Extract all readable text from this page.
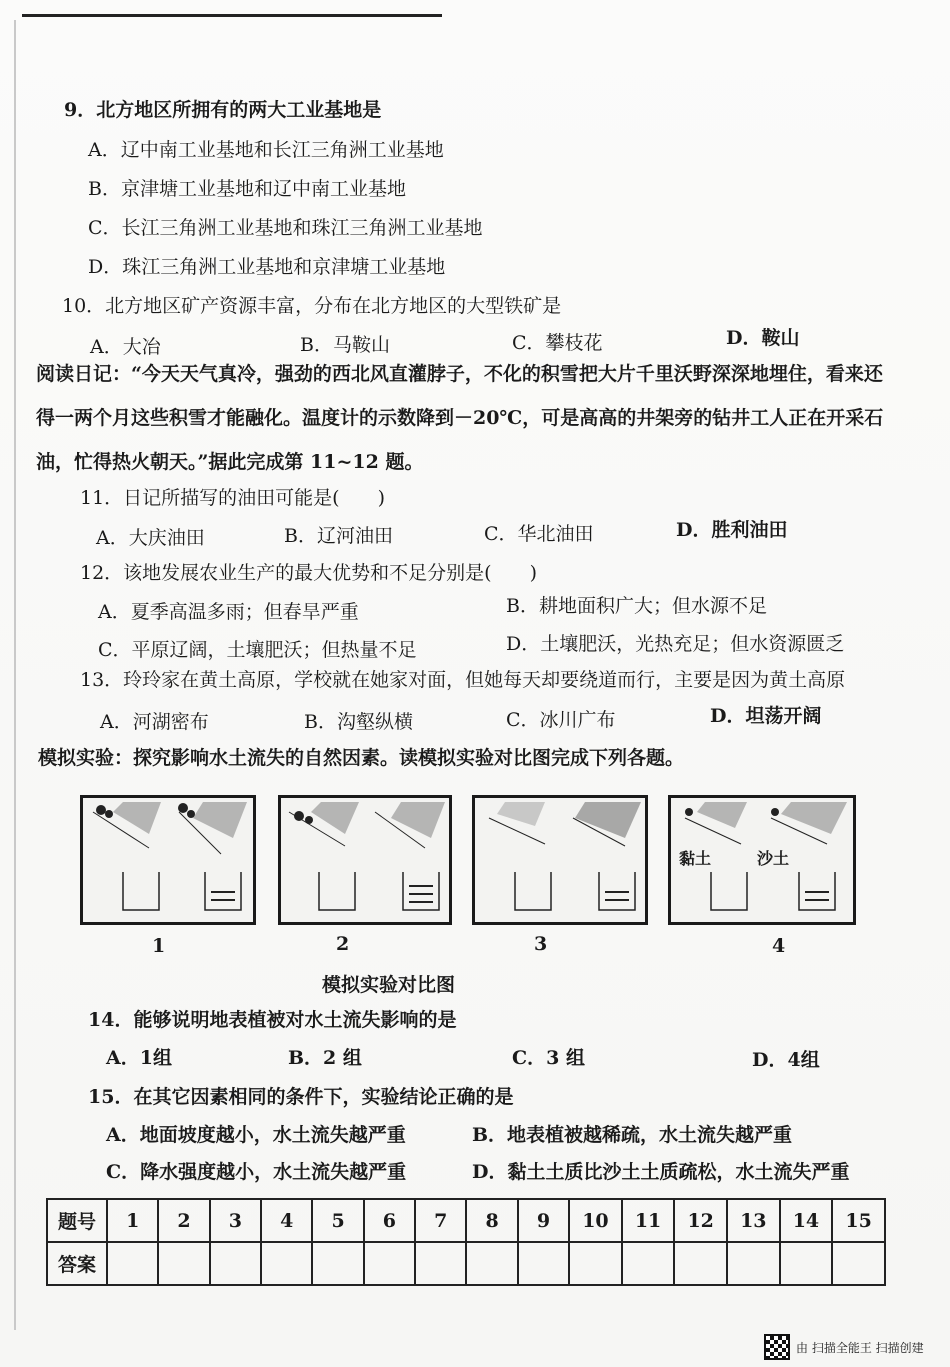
9．北方地区所拥有的两大工业基地是
A．辽中南工业基地和长江三角洲工业基地
B．京津塘工业基地和辽中南工业基地
C．长江三角洲工业基地和珠江三角洲工业基地
D．珠江三角洲工业基地和京津塘工业基地
10．北方地区矿产资源丰富，分布在北方地区的大型铁矿是
A．大冶	B．马鞍山	C．攀枝花	D．鞍山
阅读日记：“今天天气真冷，强劲的西北风直灌脖子，不化的积雪把大片千里沃野深深地埋住，看来还得一两个月这些积雪才能融化。温度计的示数降到－20℃，可是高高的井架旁的钻井工人正在开采石油，忙得热火朝天。”据此完成第 11~12 题。
11．日记所描写的油田可能是(　　)
A．大庆油田	B．辽河油田	C．华北油田	D．胜利油田
12．该地发展农业生产的最大优势和不足分别是(　　)
A．夏季高温多雨；但春旱严重	B．耕地面积广大；但水源不足
C．平原辽阔，土壤肥沃；但热量不足	D．土壤肥沃，光热充足；但水资源匮乏
13．玲玲家在黄土高原，学校就在她家对面，但她每天却要绕道而行，主要是因为黄土高原
A．河湖密布	B．沟壑纵横	C．冰川广布	D．坦荡开阔
模拟实验：探究影响水土流失的自然因素。读模拟实验对比图完成下列各题。
黏土	沙土
1	2	3	4
模拟实验对比图
14．能够说明地表植被对水土流失影响的是
A．1组	B．2 组	C．3 组	D．4组
15．在其它因素相同的条件下，实验结论正确的是
A．地面坡度越小，水土流失越严重	B．地表植被越稀疏，水土流失越严重
C．降水强度越小，水土流失越严重	D．黏土土质比沙土土质疏松，水土流失严重
题号	1	2	3	4	5	6	7	8	9	10	11	12	13	14	15
答案															
由 扫描全能王 扫描创建
